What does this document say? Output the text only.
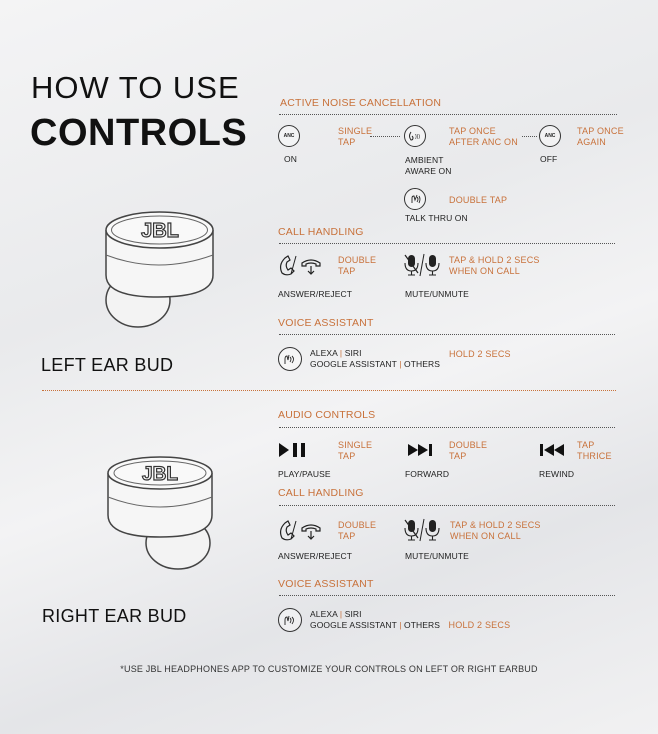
HOW TO USE
CONTROLS
JBL
LEFT EAR BUD
ACTIVE NOISE CANCELLATION
ANC
ON
SINGLE
TAP	)))
AMBIENT
AWARE ON
TAP ONCE
AFTER ANC ON
ANC
OFF
TAP ONCE
AGAIN
DOUBLE TAP
TALK THRU ON
CALL HANDLING
DOUBLE
TAP
ANSWER/REJECT
TAP & HOLD 2 SECS
WHEN ON CALL
MUTE/UNMUTE
VOICE ASSISTANT
ALEXA | SIRI
GOOGLE ASSISTANT | OTHERS
HOLD 2 SECS
JBL
RIGHT EAR BUD
AUDIO CONTROLS
SINGLE
TAP
PLAY/PAUSE
DOUBLE
TAP
FORWARD
TAP
THRICE
REWIND
CALL HANDLING
DOUBLE
TAP
ANSWER/REJECT
TAP & HOLD 2 SECS
WHEN ON CALL
MUTE/UNMUTE
VOICE ASSISTANT
ALEXA | SIRI
GOOGLE ASSISTANT | OTHERS HOLD 2 SECS
*USE JBL HEADPHONES APP TO CUSTOMIZE YOUR CONTROLS ON LEFT OR RIGHT EARBUD
